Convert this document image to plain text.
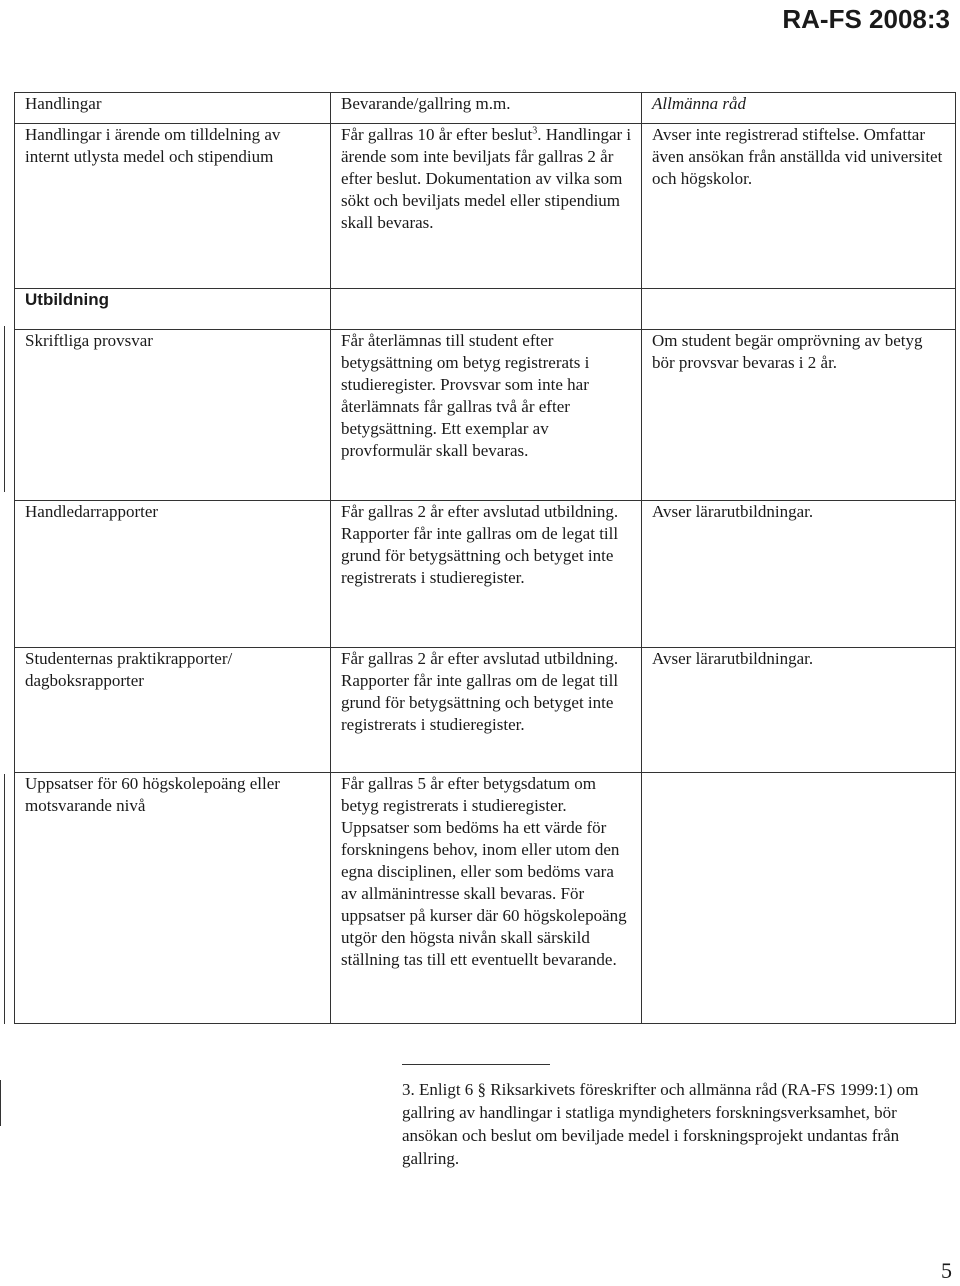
RA-FS 2008:3
Handlingar	Bevarande/gallring m.m.	Allmänna råd
Handlingar i ärende om tilldelning av internt utlysta medel och stipendium	Får gallras 10 år efter beslut$^3$. Handlingar i ärende som inte beviljats får gallras 2 år efter beslut. Dokumentation av vilka som sökt och beviljats medel eller stipendium skall bevaras.	Avser inte registrerad stiftelse. Omfattar även ansökan från anställda vid universitet och högskolor.
Utbildning		
Skriftliga provsvar	Får återlämnas till student efter betygsättning om betyg registrerats i studieregister. Provsvar som inte har återlämnats får gallras två år efter betygsättning. Ett exemplar av provformulär skall bevaras.	Om student begär omprövning av betyg bör provsvar bevaras i 2 år.
Handledarrapporter	Får gallras 2 år efter avslutad utbildning. Rapporter får inte gallras om de legat till grund för betygsättning och betyget inte registrerats i studieregister.	Avser lärarutbildningar.
Studenternas praktikrapporter/ dagboksrapporter	Får gallras 2 år efter avslutad utbildning. Rapporter får inte gallras om de legat till grund för betygsättning och betyget inte registrerats i studieregister.	Avser lärarutbildningar.
Uppsatser för 60 högskolepoäng eller motsvarande nivå	Får gallras 5 år efter betygsdatum om betyg registrerats i studieregister. Uppsatser som bedöms ha ett värde för forskningens behov, inom eller utom den egna disciplinen, eller som bedöms vara av allmänintresse skall bevaras. För uppsatser på kurser där 60 högskolepoäng utgör den högsta nivån skall särskild ställning tas till ett eventuellt bevarande.	
3. Enligt 6 § Riksarkivets föreskrifter och allmänna råd (RA-FS 1999:1) om gallring av handlingar i statliga myndigheters forskningsverksamhet, bör ansökan och beslut om beviljade medel i forskningsprojekt undantas från gallring.
5
